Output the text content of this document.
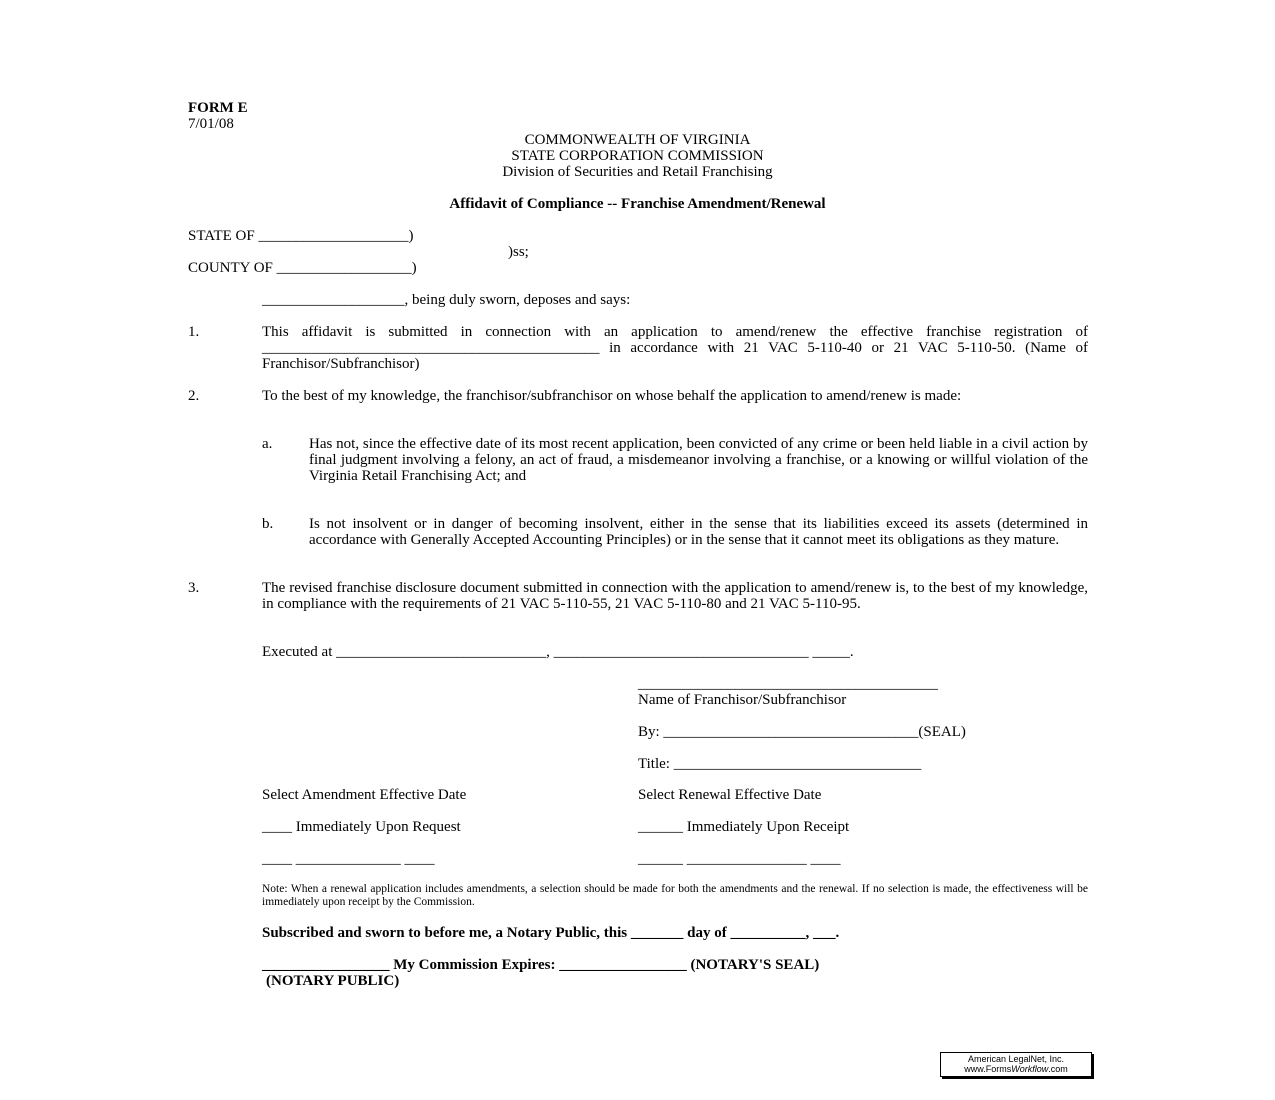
FORM E
7/01/08
COMMONWEALTH OF VIRGINIA
STATE CORPORATION COMMISSION
Division of Securities and Retail Franchising
Affidavit of Compliance -- Franchise Amendment/Renewal
STATE OF ____________________)
)ss;
COUNTY OF __________________)
___________________, being duly sworn, deposes and says:
1.	This affidavit is submitted in connection with an application to amend/renew the effective franchise registration of _____________________________________________ in accordance with 21 VAC 5-110-40 or 21 VAC 5-110-50. (Name of Franchisor/Subfranchisor)
2.	To the best of my knowledge, the franchisor/subfranchisor on whose behalf the application to amend/renew is made:
a. Has not, since the effective date of its most recent application, been convicted of any crime or been held liable in a civil action by final judgment involving a felony, an act of fraud, a misdemeanor involving a franchise, or a knowing or willful violation of the Virginia Retail Franchising Act; and
b. Is not insolvent or in danger of becoming insolvent, either in the sense that its liabilities exceed its assets (determined in accordance with Generally Accepted Accounting Principles) or in the sense that it cannot meet its obligations as they mature.
3.	The revised franchise disclosure document submitted in connection with the application to amend/renew is, to the best of my knowledge, in compliance with the requirements of 21 VAC 5-110-55, 21 VAC 5-110-80 and 21 VAC 5-110-95.
Executed at ____________________________, __________________________________ _____.
________________________________________
Name of Franchisor/Subfranchisor
By: __________________________________(SEAL)
Title: _________________________________
Select Amendment Effective Date	Select Renewal Effective Date
____ Immediately Upon Request	______ Immediately Upon Receipt
____ ______________ ____	______ ________________ ____
Note: When a renewal application includes amendments, a selection should be made for both the amendments and the renewal. If no selection is made, the effectiveness will be immediately upon receipt by the Commission.
Subscribed and sworn to before me, a Notary Public, this _______ day of __________, ___.
_________________ My Commission Expires: _________________ (NOTARY'S SEAL)
(NOTARY PUBLIC)
American LegalNet, Inc.
www.FormsWorkflow.com
